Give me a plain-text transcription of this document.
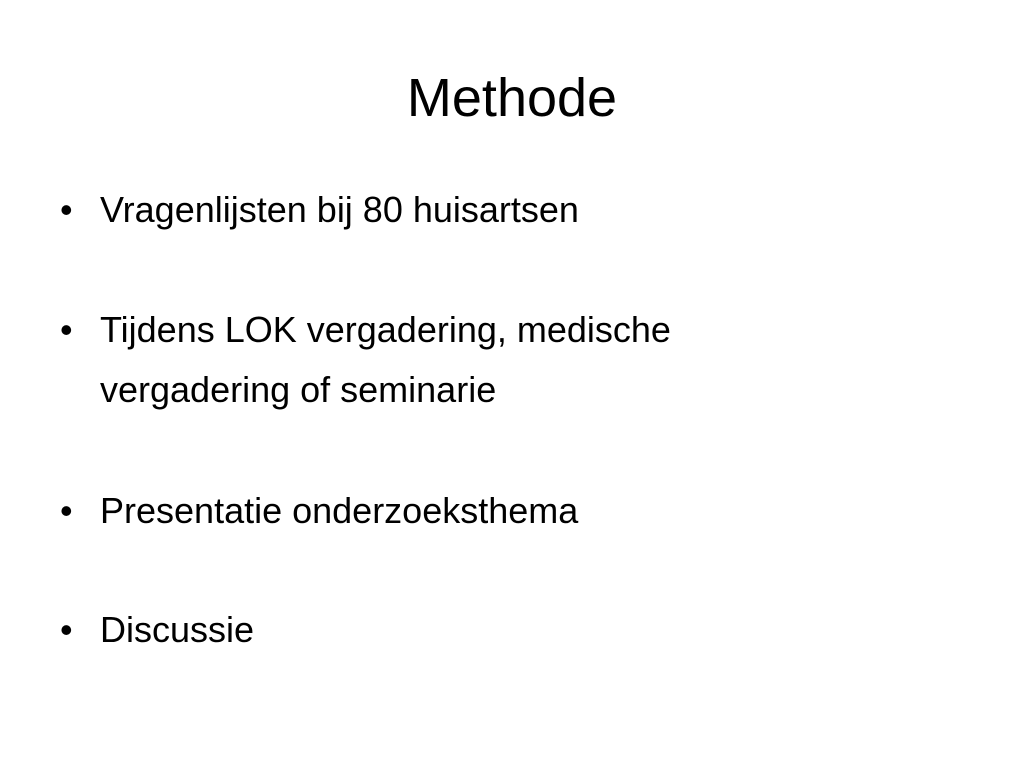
Methode
• Vragenlijsten bij 80 huisartsen
• Tijdens LOK vergadering, medische vergadering of seminarie
• Presentatie onderzoeksthema
• Discussie
